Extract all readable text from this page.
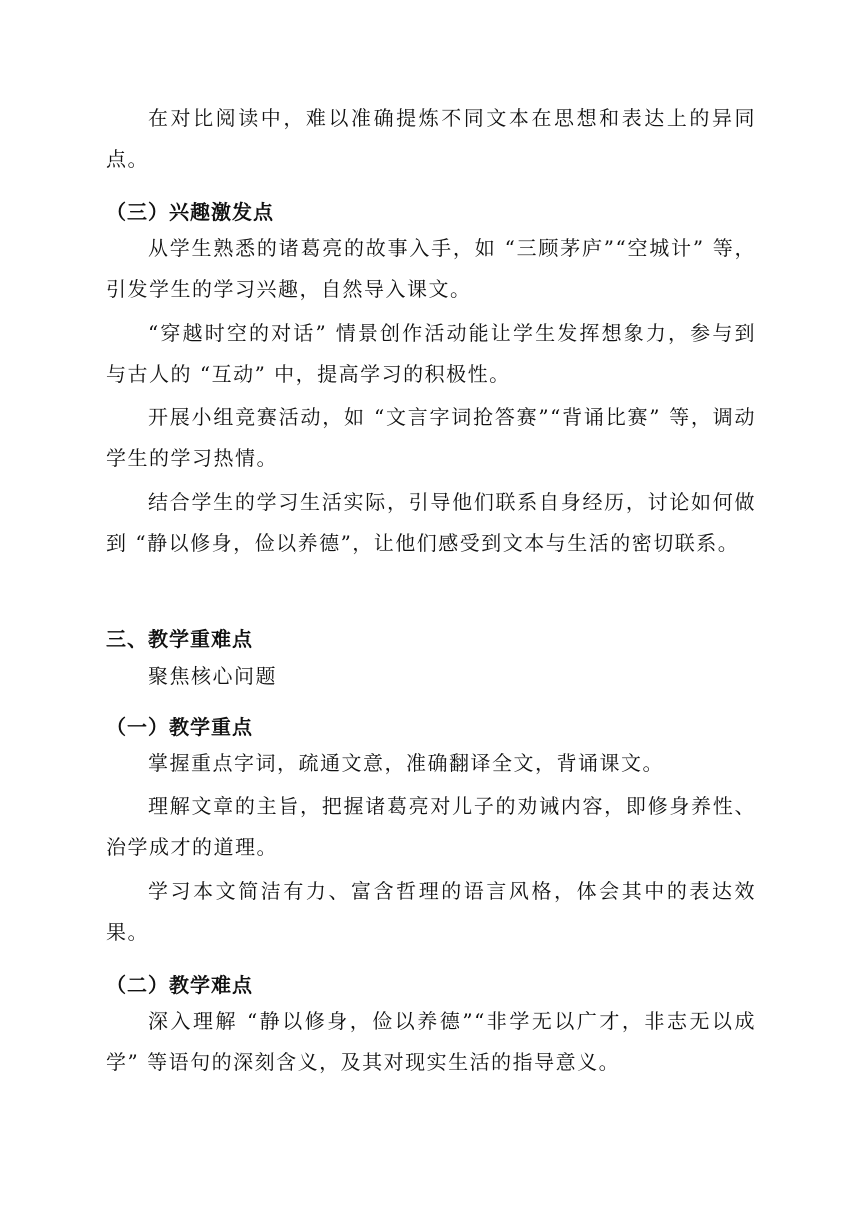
在对比阅读中，难以准确提炼不同文本在思想和表达上的异同点。

（三）兴趣激发点

从学生熟悉的诸葛亮的故事入手，如 “三顾茅庐”“空城计” 等，引发学生的学习兴趣，自然导入课文。

“穿越时空的对话” 情景创作活动能让学生发挥想象力，参与到与古人的 “互动” 中，提高学习的积极性。

开展小组竞赛活动，如 “文言字词抢答赛”“背诵比赛” 等，调动学生的学习热情。

结合学生的学习生活实际，引导他们联系自身经历，讨论如何做到 “静以修身，俭以养德”，让他们感受到文本与生活的密切联系。

三、教学重难点
聚焦核心问题
（一）教学重点

掌握重点字词，疏通文意，准确翻译全文，背诵课文。

理解文章的主旨，把握诸葛亮对儿子的劝诫内容，即修身养性、治学成才的道理。

学习本文简洁有力、富含哲理的语言风格，体会其中的表达效果。

（二）教学难点

深入理解 “静以修身，俭以养德”“非学无以广才，非志无以成学” 等语句的深刻含义，及其对现实生活的指导意义。
